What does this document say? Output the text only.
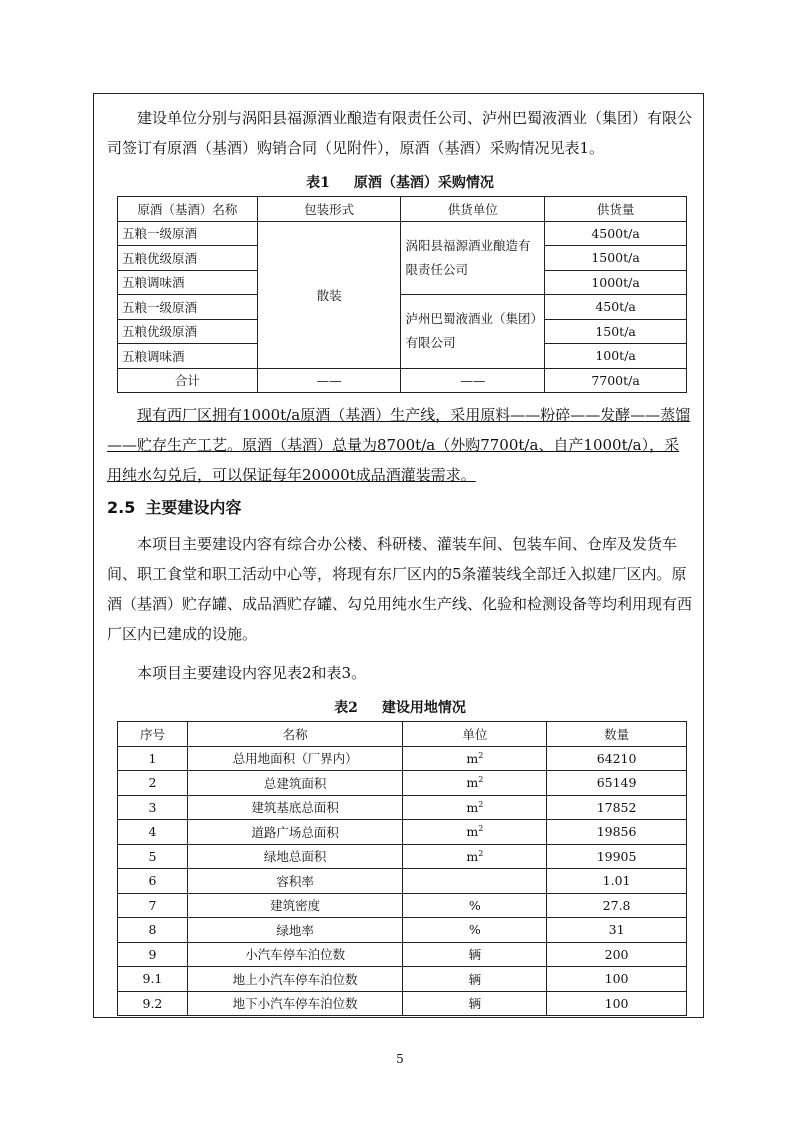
建设单位分别与涡阳县福源酒业酿造有限责任公司、泸州巴蜀液酒业（集团）有限公司签订有原酒（基酒）购销合同（见附件），原酒（基酒）采购情况见表1。

表1 原酒（基酒）采购情况
原酒（基酒）名称	包装形式	供货单位	供货量
五粮一级原酒	散装	涡阳县福源酒业酿造有限责任公司	4500t/a
五粮优级原酒			1500t/a
五粮调味酒			1000t/a
五粮一级原酒		泸州巴蜀液酒业（集团）有限公司	450t/a
五粮优级原酒			150t/a
五粮调味酒			100t/a
合计	——	——	7700t/a

现有西厂区拥有1000t/a原酒（基酒）生产线，采用原料——粉碎——发酵——蒸馏——贮存生产工艺。原酒（基酒）总量为8700t/a（外购7700t/a、自产1000t/a），采用纯水勾兑后，可以保证每年20000t成品酒灌装需求。

2.5 主要建设内容

本项目主要建设内容有综合办公楼、科研楼、灌装车间、包装车间、仓库及发货车间、职工食堂和职工活动中心等，将现有东厂区内的5条灌装线全部迁入拟建厂区内。原酒（基酒）贮存罐、成品酒贮存罐、勾兑用纯水生产线、化验和检测设备等均利用现有西厂区内已建成的设施。

本项目主要建设内容见表2和表3。

表2 建设用地情况
序号	名称	单位	数量
1	总用地面积（厂界内）	$m^2$	64210
2	总建筑面积	$m^2$	65149
3	建筑基底总面积	$m^2$	17852
4	道路广场总面积	$m^2$	19856
5	绿地总面积	$m^2$	19905
6	容积率		1.01
7	建筑密度	%	27.8
8	绿地率	%	31
9	小汽车停车泊位数	辆	200
9.1	地上小汽车停车泊位数	辆	100
9.2	地下小汽车停车泊位数	辆	100
5
